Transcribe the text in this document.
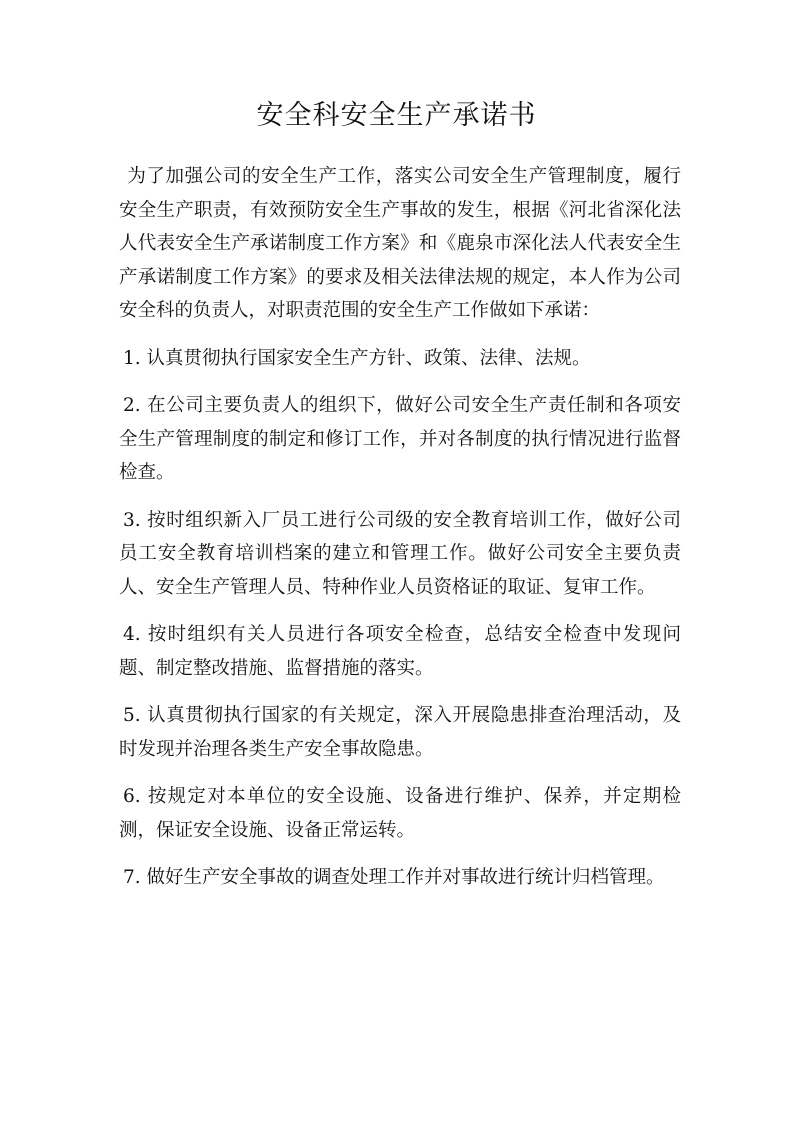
安全科安全生产承诺书

为了加强公司的安全生产工作，落实公司安全生产管理制度，履行安全生产职责，有效预防安全生产事故的发生，根据《河北省深化法人代表安全生产承诺制度工作方案》和《鹿泉市深化法人代表安全生产承诺制度工作方案》的要求及相关法律法规的规定，本人作为公司安全科的负责人，对职责范围的安全生产工作做如下承诺：

1. 认真贯彻执行国家安全生产方针、政策、法律、法规。

2. 在公司主要负责人的组织下，做好公司安全生产责任制和各项安全生产管理制度的制定和修订工作，并对各制度的执行情况进行监督检查。

3. 按时组织新入厂员工进行公司级的安全教育培训工作，做好公司员工安全教育培训档案的建立和管理工作。做好公司安全主要负责人、安全生产管理人员、特种作业人员资格证的取证、复审工作。

4. 按时组织有关人员进行各项安全检查，总结安全检查中发现问题、制定整改措施、监督措施的落实。

5. 认真贯彻执行国家的有关规定，深入开展隐患排查治理活动，及时发现并治理各类生产安全事故隐患。

6. 按规定对本单位的安全设施、设备进行维护、保养，并定期检测，保证安全设施、设备正常运转。

7. 做好生产安全事故的调查处理工作并对事故进行统计归档管理。
